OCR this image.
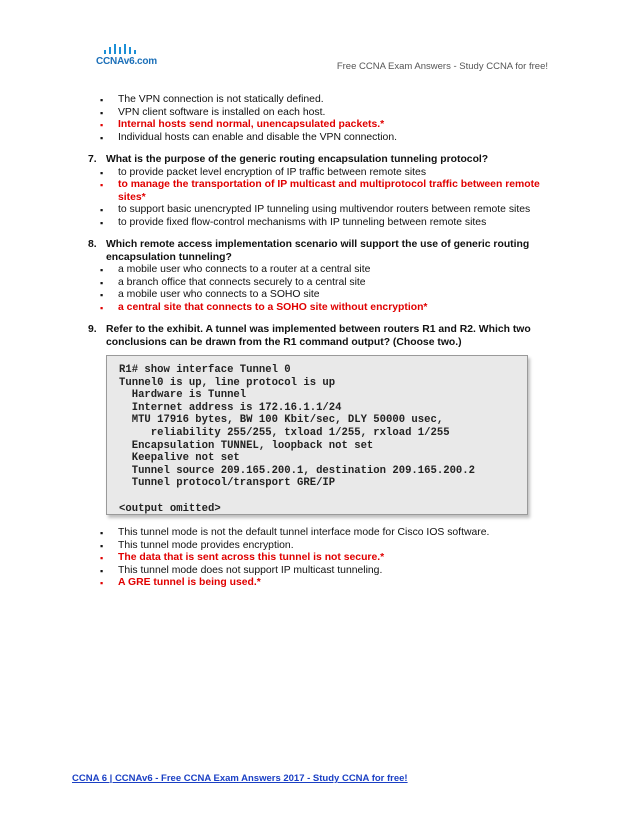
CCNAv6.com	Free CCNA Exam Answers - Study CCNA for free!
▪ The VPN connection is not statically defined.
▪ VPN client software is installed on each host.
▪ Internal hosts send normal, unencapsulated packets.*
▪ Individual hosts can enable and disable the VPN connection.
7. What is the purpose of the generic routing encapsulation tunneling protocol?
▪ to provide packet level encryption of IP traffic between remote sites
▪ to manage the transportation of IP multicast and multiprotocol traffic between remote sites*
▪ to support basic unencrypted IP tunneling using multivendor routers between remote sites
▪ to provide fixed flow-control mechanisms with IP tunneling between remote sites
8. Which remote access implementation scenario will support the use of generic routing encapsulation tunneling?
▪ a mobile user who connects to a router at a central site
▪ a branch office that connects securely to a central site
▪ a mobile user who connects to a SOHO site
▪ a central site that connects to a SOHO site without encryption*
9. Refer to the exhibit. A tunnel was implemented between routers R1 and R2. Which two conclusions can be drawn from the R1 command output? (Choose two.)
R1# show interface Tunnel 0
Tunnel0 is up, line protocol is up
Hardware is Tunnel
Internet address is 172.16.1.1/24
MTU 17916 bytes, BW 100 Kbit/sec, DLY 50000 usec,
reliability 255/255, txload 1/255, rxload 1/255
Encapsulation TUNNEL, loopback not set
Keepalive not set
Tunnel source 209.165.200.1, destination 209.165.200.2
Tunnel protocol/transport GRE/IP

<output omitted>
▪ This tunnel mode is not the default tunnel interface mode for Cisco IOS software.
▪ This tunnel mode provides encryption.
▪ The data that is sent across this tunnel is not secure.*
▪ This tunnel mode does not support IP multicast tunneling.
▪ A GRE tunnel is being used.*
CCNA 6 | CCNAv6 - Free CCNA Exam Answers 2017 - Study CCNA for free!
